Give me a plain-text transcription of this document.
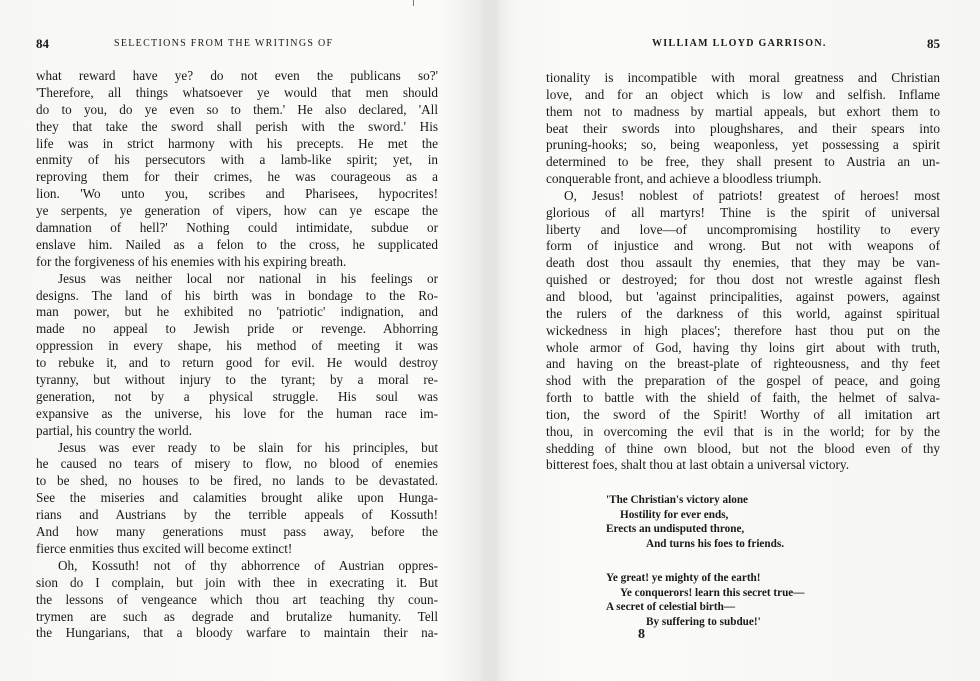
84	SELECTIONS FROM THE WRITINGS OF
what reward have ye? do not even the publicans so?'
'Therefore, all things whatsoever ye would that men should
do to you, do ye even so to them.' He also declared, 'All
they that take the sword shall perish with the sword.' His
life was in strict harmony with his precepts. He met the
enmity of his persecutors with a lamb-like spirit; yet, in
reproving them for their crimes, he was courageous as a
lion. 'Wo unto you, scribes and Pharisees, hypocrites!
ye serpents, ye generation of vipers, how can ye escape the
damnation of hell?' Nothing could intimidate, subdue or
enslave him. Nailed as a felon to the cross, he supplicated
for the forgiveness of his enemies with his expiring breath.
Jesus was neither local nor national in his feelings or
designs. The land of his birth was in bondage to the Ro-
man power, but he exhibited no 'patriotic' indignation, and
made no appeal to Jewish pride or revenge. Abhorring
oppression in every shape, his method of meeting it was
to rebuke it, and to return good for evil. He would destroy
tyranny, but without injury to the tyrant; by a moral re-
generation, not by a physical struggle. His soul was
expansive as the universe, his love for the human race im-
partial, his country the world.
Jesus was ever ready to be slain for his principles, but
he caused no tears of misery to flow, no blood of enemies
to be shed, no houses to be fired, no lands to be devastated.
See the miseries and calamities brought alike upon Hunga-
rians and Austrians by the terrible appeals of Kossuth!
And how many generations must pass away, before the
fierce enmities thus excited will become extinct!
Oh, Kossuth! not of thy abhorrence of Austrian oppres-
sion do I complain, but join with thee in execrating it. But
the lessons of vengeance which thou art teaching thy coun-
trymen are such as degrade and brutalize humanity. Tell
the Hungarians, that a bloody warfare to maintain their na-
WILLIAM LLOYD GARRISON.	85
tionality is incompatible with moral greatness and Christian
love, and for an object which is low and selfish. Inflame
them not to madness by martial appeals, but exhort them to
beat their swords into ploughshares, and their spears into
pruning-hooks; so, being weaponless, yet possessing a spirit
determined to be free, they shall present to Austria an un-
conquerable front, and achieve a bloodless triumph.
O, Jesus! noblest of patriots! greatest of heroes! most
glorious of all martyrs! Thine is the spirit of universal
liberty and love—of uncompromising hostility to every
form of injustice and wrong. But not with weapons of
death dost thou assault thy enemies, that they may be van-
quished or destroyed; for thou dost not wrestle against flesh
and blood, but 'against principalities, against powers, against
the rulers of the darkness of this world, against spiritual
wickedness in high places'; therefore hast thou put on the
whole armor of God, having thy loins girt about with truth,
and having on the breast-plate of righteousness, and thy feet
shod with the preparation of the gospel of peace, and going
forth to battle with the shield of faith, the helmet of salva-
tion, the sword of the Spirit! Worthy of all imitation art
thou, in overcoming the evil that is in the world; for by the
shedding of thine own blood, but not the blood even of thy
bitterest foes, shalt thou at last obtain a universal victory.
'The Christian's victory alone
Hostility for ever ends,
Erects an undisputed throne,
And turns his foes to friends.
Ye great! ye mighty of the earth!
Ye conquerors! learn this secret true—
A secret of celestial birth—
By suffering to subdue!'
8
